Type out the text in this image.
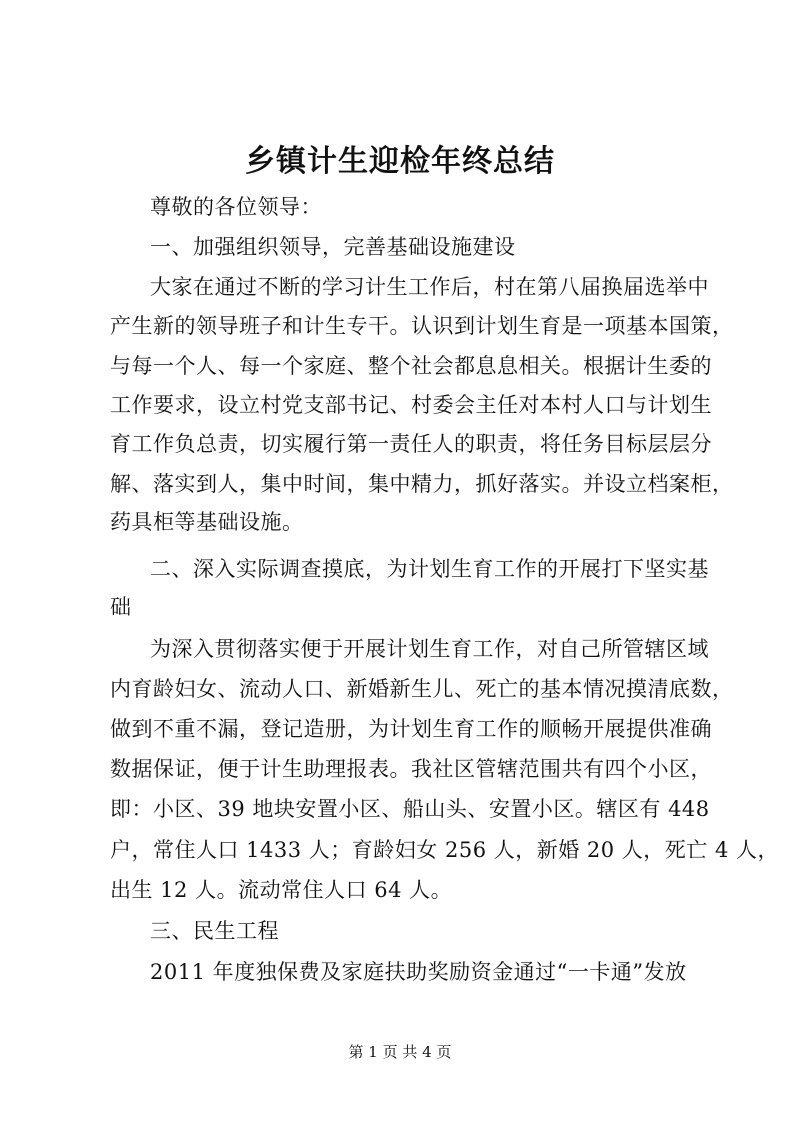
乡镇计生迎检年终总结
尊敬的各位领导：
一、加强组织领导，完善基础设施建设
大家在通过不断的学习计生工作后，村在第八届换届选举中
产生新的领导班子和计生专干。认识到计划生育是一项基本国策，
与每一个人、每一个家庭、整个社会都息息相关。根据计生委的
工作要求，设立村党支部书记、村委会主任对本村人口与计划生
育工作负总责，切实履行第一责任人的职责，将任务目标层层分
解、落实到人，集中时间，集中精力，抓好落实。并设立档案柜，
药具柜等基础设施。
二、深入实际调查摸底，为计划生育工作的开展打下坚实基
础
为深入贯彻落实便于开展计划生育工作，对自己所管辖区域
内育龄妇女、流动人口、新婚新生儿、死亡的基本情况摸清底数，
做到不重不漏，登记造册，为计划生育工作的顺畅开展提供准确
数据保证，便于计生助理报表。我社区管辖范围共有四个小区，
即：小区、39 地块安置小区、船山头、安置小区。辖区有 448
户，常住人口 1433 人；育龄妇女 256 人，新婚 20 人，死亡 4 人，
出生 12 人。流动常住人口 64 人。
三、民生工程
2011 年度独保费及家庭扶助奖励资金通过“一卡通”发放
第 1 页 共 4 页
